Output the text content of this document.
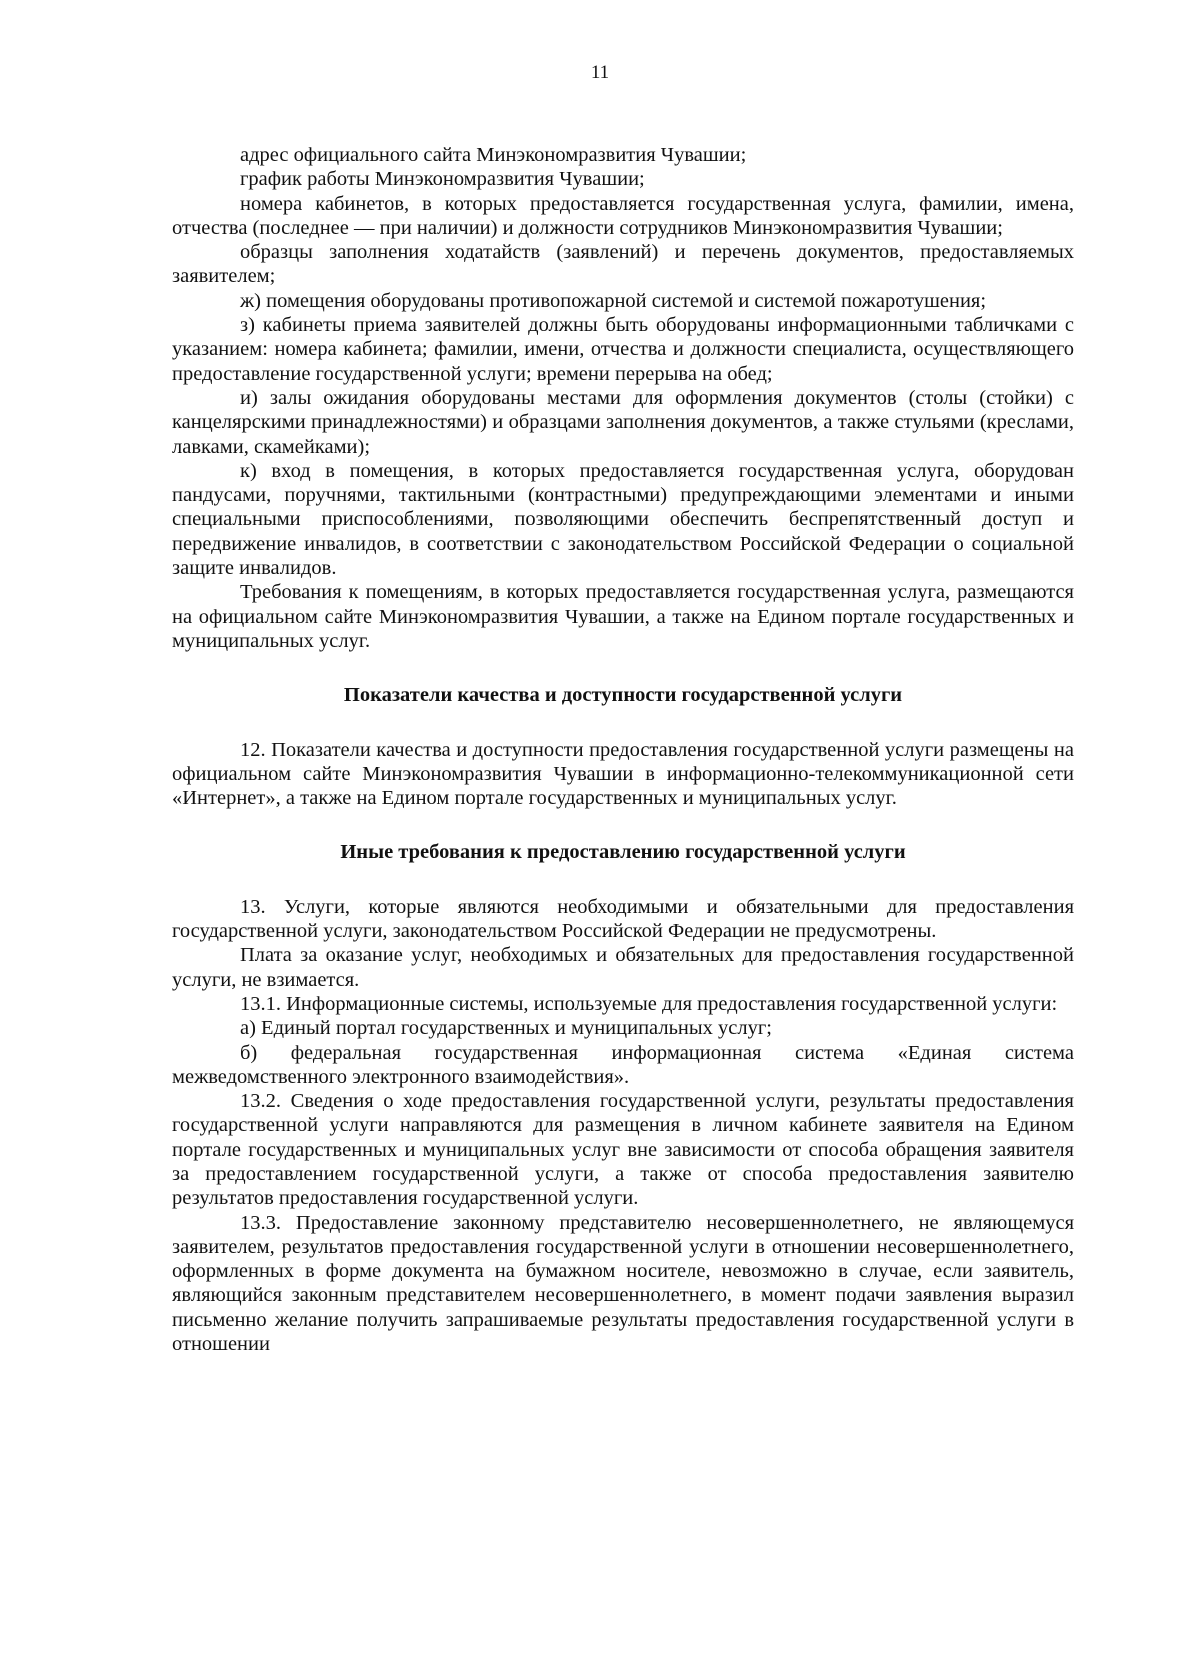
11

адрес официального сайта Минэкономразвития Чувашии;

график работы Минэкономразвития Чувашии;

номера кабинетов, в которых предоставляется государственная услуга, фамилии, имена, отчества (последнее — при наличии) и должности сотрудников Минэкономразвития Чувашии;

образцы заполнения ходатайств (заявлений) и перечень документов, предоставляемых заявителем;

ж) помещения оборудованы противопожарной системой и системой пожаротушения;

з) кабинеты приема заявителей должны быть оборудованы информационными табличками с указанием: номера кабинета; фамилии, имени, отчества и должности специалиста, осуществляющего предоставление государственной услуги; времени перерыва на обед;

и) залы ожидания оборудованы местами для оформления документов (столы (стойки) с канцелярскими принадлежностями) и образцами заполнения документов, а также стульями (креслами, лавками, скамейками);

к) вход в помещения, в которых предоставляется государственная услуга, оборудован пандусами, поручнями, тактильными (контрастными) предупреждающими элементами и иными специальными приспособлениями, позволяющими обеспечить беспрепятственный доступ и передвижение инвалидов, в соответствии с законодательством Российской Федерации о социальной защите инвалидов.

Требования к помещениям, в которых предоставляется государственная услуга, размещаются на официальном сайте Минэкономразвития Чувашии, а также на Едином портале государственных и муниципальных услуг.

Показатели качества и доступности государственной услуги

12. Показатели качества и доступности предоставления государственной услуги размещены на официальном сайте Минэкономразвития Чувашии в информационно-телекоммуникационной сети «Интернет», а также на Едином портале государственных и муниципальных услуг.

Иные требования к предоставлению государственной услуги

13. Услуги, которые являются необходимыми и обязательными для предоставления государственной услуги, законодательством Российской Федерации не предусмотрены.

Плата за оказание услуг, необходимых и обязательных для предоставления государственной услуги, не взимается.

13.1. Информационные системы, используемые для предоставления государственной услуги:

а) Единый портал государственных и муниципальных услуг;

б) федеральная государственная информационная система «Единая система межведомственного электронного взаимодействия».

13.2. Сведения о ходе предоставления государственной услуги, результаты предоставления государственной услуги направляются для размещения в личном кабинете заявителя на Едином портале государственных и муниципальных услуг вне зависимости от способа обращения заявителя за предоставлением государственной услуги, а также от способа предоставления заявителю результатов предоставления государственной услуги.

13.3. Предоставление законному представителю несовершеннолетнего, не являющемуся заявителем, результатов предоставления государственной услуги в отношении несовершеннолетнего, оформленных в форме документа на бумажном носителе, невозможно в случае, если заявитель, являющийся законным представителем несовершеннолетнего, в момент подачи заявления выразил письменно желание получить запрашиваемые результаты предоставления государственной услуги в отношении
